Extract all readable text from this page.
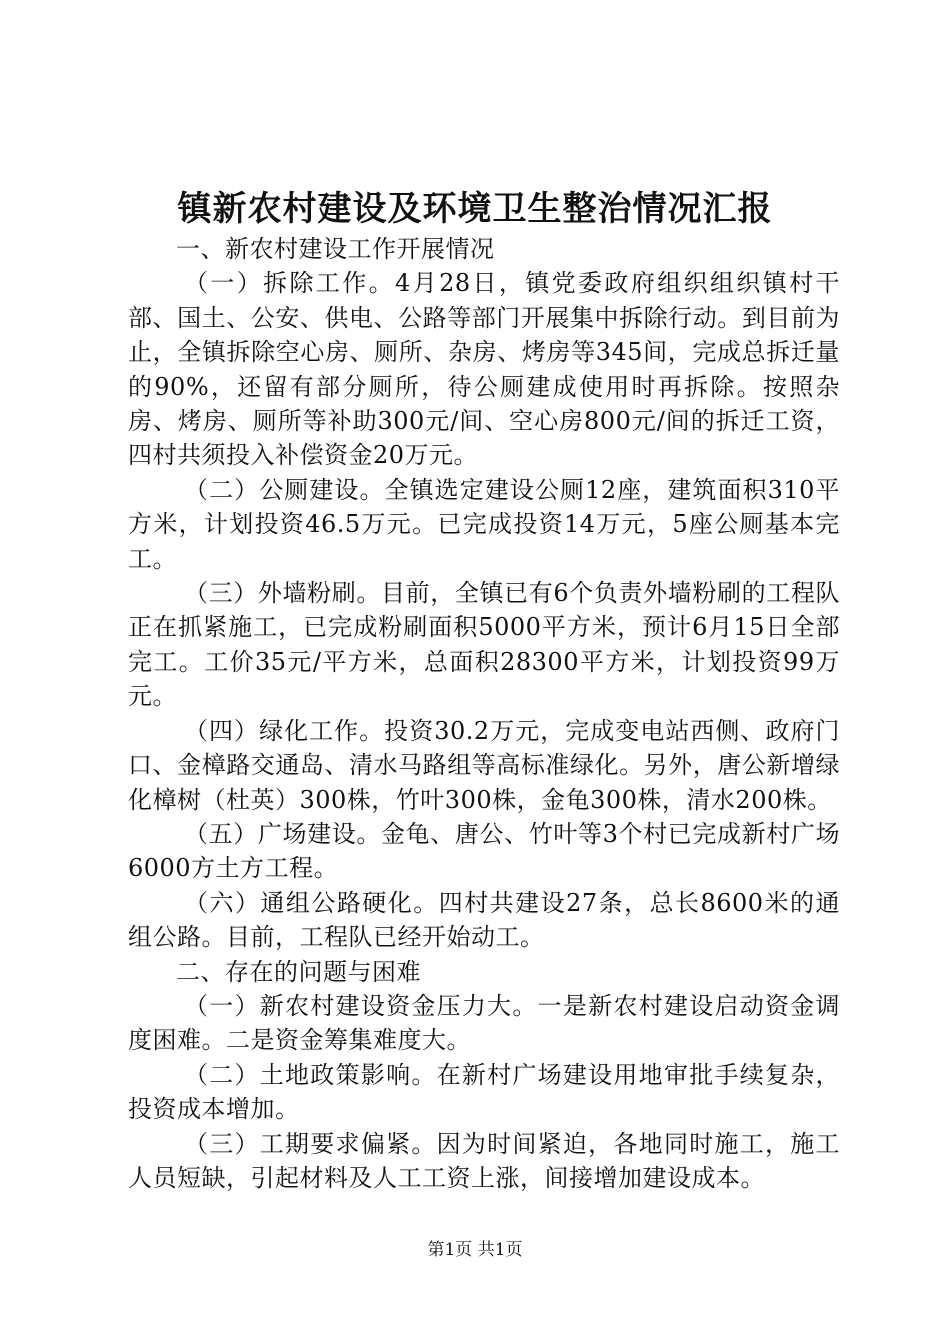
镇新农村建设及环境卫生整治情况汇报

一、新农村建设工作开展情况

（一）拆除工作。4月28日，镇党委政府组织组织镇村干部、国土、公安、供电、公路等部门开展集中拆除行动。到目前为止，全镇拆除空心房、厕所、杂房、烤房等345间，完成总拆迁量的90%，还留有部分厕所，待公厕建成使用时再拆除。按照杂房、烤房、厕所等补助300元/间、空心房800元/间的拆迁工资，四村共须投入补偿资金20万元。

（二）公厕建设。全镇选定建设公厕12座，建筑面积310平方米，计划投资46.5万元。已完成投资14万元，5座公厕基本完工。

（三）外墙粉刷。目前，全镇已有6个负责外墙粉刷的工程队正在抓紧施工，已完成粉刷面积5000平方米，预计6月15日全部完工。工价35元/平方米，总面积28300平方米，计划投资99万元。

（四）绿化工作。投资30.2万元，完成变电站西侧、政府门口、金樟路交通岛、清水马路组等高标准绿化。另外，唐公新增绿化樟树（杜英）300株，竹叶300株，金龟300株，清水200株。

（五）广场建设。金龟、唐公、竹叶等3个村已完成新村广场6000方土方工程。

（六）通组公路硬化。四村共建设27条，总长8600米的通组公路。目前，工程队已经开始动工。

二、存在的问题与困难

（一）新农村建设资金压力大。一是新农村建设启动资金调度困难。二是资金筹集难度大。

（二）土地政策影响。在新村广场建设用地审批手续复杂，投资成本增加。

（三）工期要求偏紧。因为时间紧迫，各地同时施工，施工人员短缺，引起材料及人工工资上涨，间接增加建设成本。

第1页 共1页
